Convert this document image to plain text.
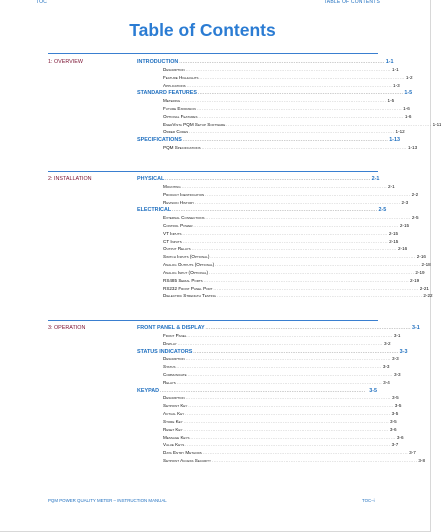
TOC	TABLE OF CONTENTS
Table of Contents
1: OVERVIEW	INTRODUCTION ........................................................................................................................ 1-1
Description ........................................................................................................................ 1-1
Feature Highlights ........................................................................................................................ 1-2
Applications ........................................................................................................................ 1-3
STANDARD FEATURES ........................................................................................................................ 1-5
Metering ........................................................................................................................ 1-5
Future Expansion ........................................................................................................................ 1-6
Optional Features ........................................................................................................................ 1-6
EnerVista PQM Setup Software ........................................................................................................................ 1-11
Order Codes ........................................................................................................................ 1-12
SPECIFICATIONS ........................................................................................................................ 1-13
PQM Specifications ........................................................................................................................ 1-13
2: INSTALLATION	PHYSICAL ........................................................................................................................ 2-1
Mounting ........................................................................................................................ 2-1
Product Identification ........................................................................................................................ 2-2
Revision History ........................................................................................................................ 2-3
ELECTRICAL ........................................................................................................................ 2-5
External Connections ........................................................................................................................ 2-5
Control Power ........................................................................................................................ 2-15
VT Inputs ........................................................................................................................ 2-15
CT Inputs ........................................................................................................................ 2-15
Output Relays ........................................................................................................................ 2-16
Switch Inputs (Optional) ........................................................................................................................ 2-16
Analog Outputs (Optional) ........................................................................................................................ 2-18
Analog Input (Optional) ........................................................................................................................ 2-19
RS485 Serial Ports ........................................................................................................................ 2-19
RS232 Front Panel Port ........................................................................................................................ 2-21
Dielectric Strength Testing ........................................................................................................................ 2-22
3: OPERATION	FRONT PANEL & DISPLAY ........................................................................................................................ 3-1
Front Panel ........................................................................................................................ 3-1
Display ........................................................................................................................ 3-2
STATUS INDICATORS ........................................................................................................................ 3-3
Description ........................................................................................................................ 3-3
Status ........................................................................................................................ 3-3
Communicate ........................................................................................................................ 3-3
Relays ........................................................................................................................ 3-4
KEYPAD ........................................................................................................................ 3-5
Description ........................................................................................................................ 3-5
Setpoint Key ........................................................................................................................ 3-5
Actual Key ........................................................................................................................ 3-5
Store Key ........................................................................................................................ 3-5
Reset Key ........................................................................................................................ 3-6
Message Keys ........................................................................................................................ 3-6
Value Keys ........................................................................................................................ 3-7
Data Entry Methods ........................................................................................................................ 3-7
Setpoint Access Security ........................................................................................................................ 3-8
PQM POWER QUALITY METER – INSTRUCTION MANUAL	TOC–i
